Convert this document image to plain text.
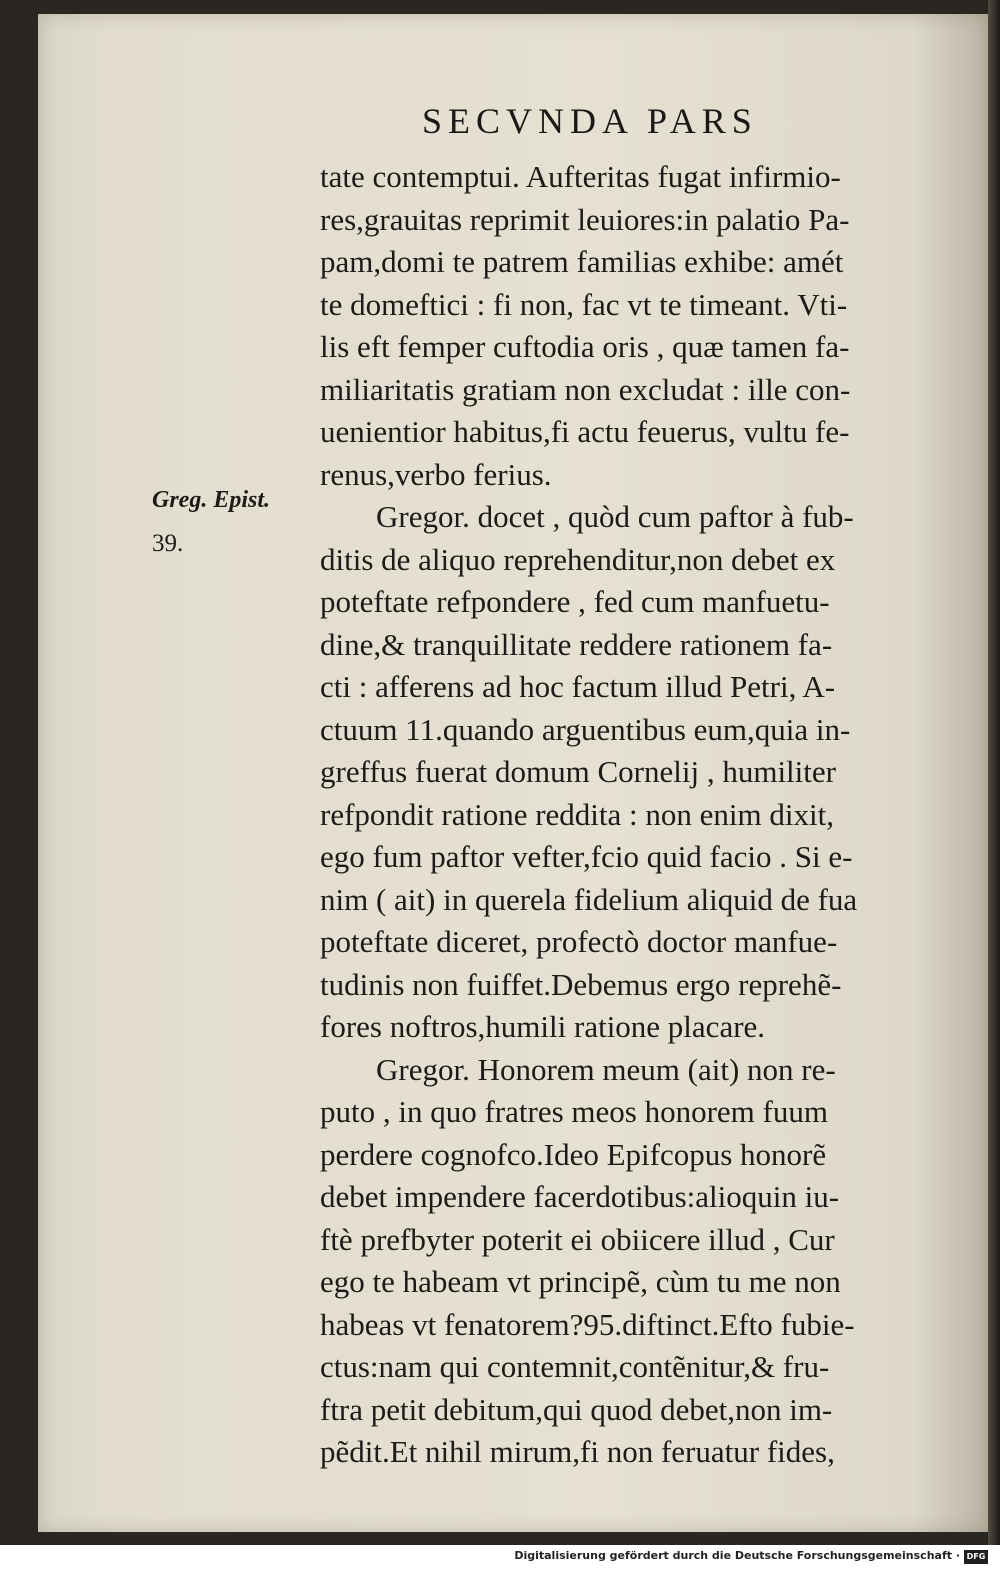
SECVNDA PARS
Greg. Epist.
39.
tate contemptui. Aufteritas fugat infirmio-
res,grauitas reprimit leuiores:in palatio Pa-
pam,domi te patrem familias exhibe: amét
te domeftici : fi non, fac vt te timeant. Vti-
lis eft femper cuftodia oris , quæ tamen fa-
miliaritatis gratiam non excludat : ille con-
uenientior habitus,fi actu feuerus, vultu fe-
renus,verbo ferius.
Gregor. docet , quòd cum paftor à fub-
ditis de aliquo reprehenditur,non debet ex
poteftate refpondere , fed cum manfuetu-
dine,& tranquillitate reddere rationem fa-
cti : afferens ad hoc factum illud Petri, A-
ctuum 11.quando arguentibus eum,quia in-
greffus fuerat domum Cornelij , humiliter
refpondit ratione reddita : non enim dixit,
ego fum paftor vefter,fcio quid facio . Si e-
nim ( ait) in querela fidelium aliquid de fua
poteftate diceret, profectò doctor manfue-
tudinis non fuiffet.Debemus ergo reprehẽ-
fores noftros,humili ratione placare.
Gregor. Honorem meum (ait) non re-
puto , in quo fratres meos honorem fuum
perdere cognofco.Ideo Epifcopus honorẽ
debet impendere facerdotibus:alioquin iu-
ftè prefbyter poterit ei obiicere illud , Cur
ego te habeam vt principẽ, cùm tu me non
habeas vt fenatorem?95.diftinct.Efto fubie-
ctus:nam qui contemnit,contẽnitur,& fru-
ftra petit debitum,qui quod debet,non im-
pẽdit.Et nihil mirum,fi non feruatur fides,
Digitalisierung gefördert durch die Deutsche Forschungsgemeinschaft · DFG
